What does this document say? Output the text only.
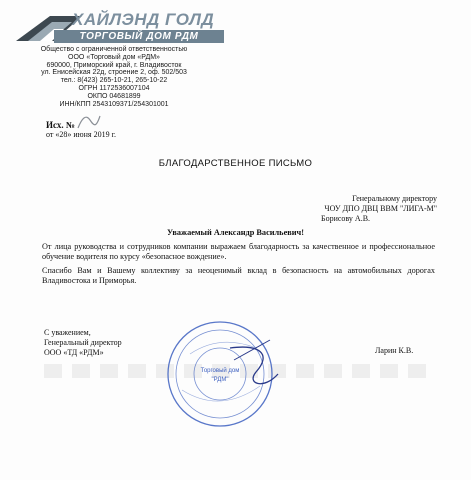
ХАЙЛЭНД ГОЛД
ТОРГОВЫЙ ДОМ РДМ
Общество с ограниченной ответственностью
ООО «Торговый дом «РДМ»
690000, Приморский край, г. Владивосток
ул. Енисейская 22д, строение 2, оф. 502/503
тел.: 8(423) 265-10-21, 265-10-22
ОГРН 1172536007104
ОКПО 04681899
ИНН/КПП 2543109371/254301001
Исх. №
от «28» июня 2019 г.
БЛАГОДАРСТВЕННОЕ ПИСЬМО
Генеральному директору
ЧОУ ДПО ДВЦ ВВМ "ЛИГА-М"
Борисову А.В.
Уважаемый Александр Васильевич!
От лица руководства и сотрудников компании выражаем благодарность за качественное и профессиональное обучение водителя по курсу «безопасное вождение».
Спасибо Вам и Вашему коллективу за неоценимый вклад в безопасность на автомобильных дорогах Владивостока и Приморья.
С уважением,
Генеральный директор
ООО «ТД «РДМ»
Торговый дом
"РДМ"
Ларин К.В.
